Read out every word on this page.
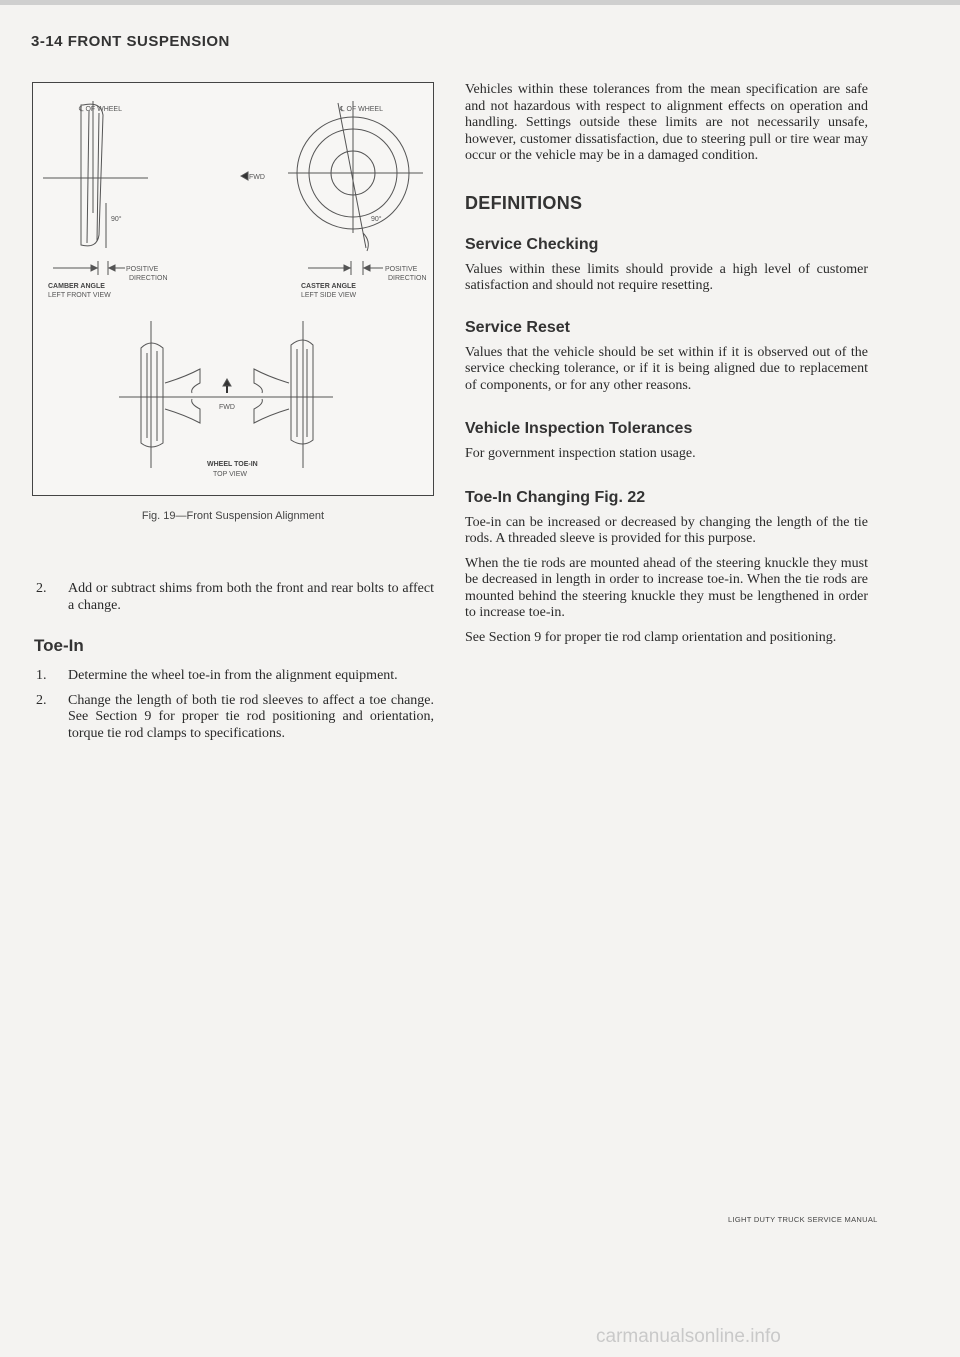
3-14 FRONT SUSPENSION
℄ OF WHEEL	℄ OF WHEEL
90°	90°
FWD
POSITIVE
DIRECTION
POSITIVE
DIRECTION
CAMBER ANGLE
LEFT FRONT VIEW
CASTER ANGLE
LEFT SIDE VIEW
FWD
WHEEL TOE-IN
TOP VIEW
Fig. 19—Front Suspension Alignment
2.	Add or subtract shims from both the front and rear bolts to affect a change.
Toe-In
1.	Determine the wheel toe-in from the alignment equipment.
2.	Change the length of both tie rod sleeves to affect a toe change. See Section 9 for proper tie rod positioning and orientation, torque tie rod clamps to specifications.

Vehicles within these tolerances from the mean specification are safe and not hazardous with respect to alignment effects on operation and handling. Settings outside these limits are not necessarily unsafe, however, customer dissatisfaction, due to steering pull or tire wear may occur or the vehicle may be in a damaged condition.

DEFINITIONS
Service Checking

Values within these limits should provide a high level of customer satisfaction and should not require resetting.

Service Reset

Values that the vehicle should be set within if it is observed out of the service checking tolerance, or if it is being aligned due to replacement of components, or for any other reasons.

Vehicle Inspection Tolerances

For government inspection station usage.

Toe-In Changing Fig. 22

Toe-in can be increased or decreased by changing the length of the tie rods. A threaded sleeve is provided for this purpose.

When the tie rods are mounted ahead of the steering knuckle they must be decreased in length in order to increase toe-in. When the tie rods are mounted behind the steering knuckle they must be lengthened in order to increase toe-in.

See Section 9 for proper tie rod clamp orientation and positioning.

LIGHT DUTY TRUCK SERVICE MANUAL
carmanualsonline.info
